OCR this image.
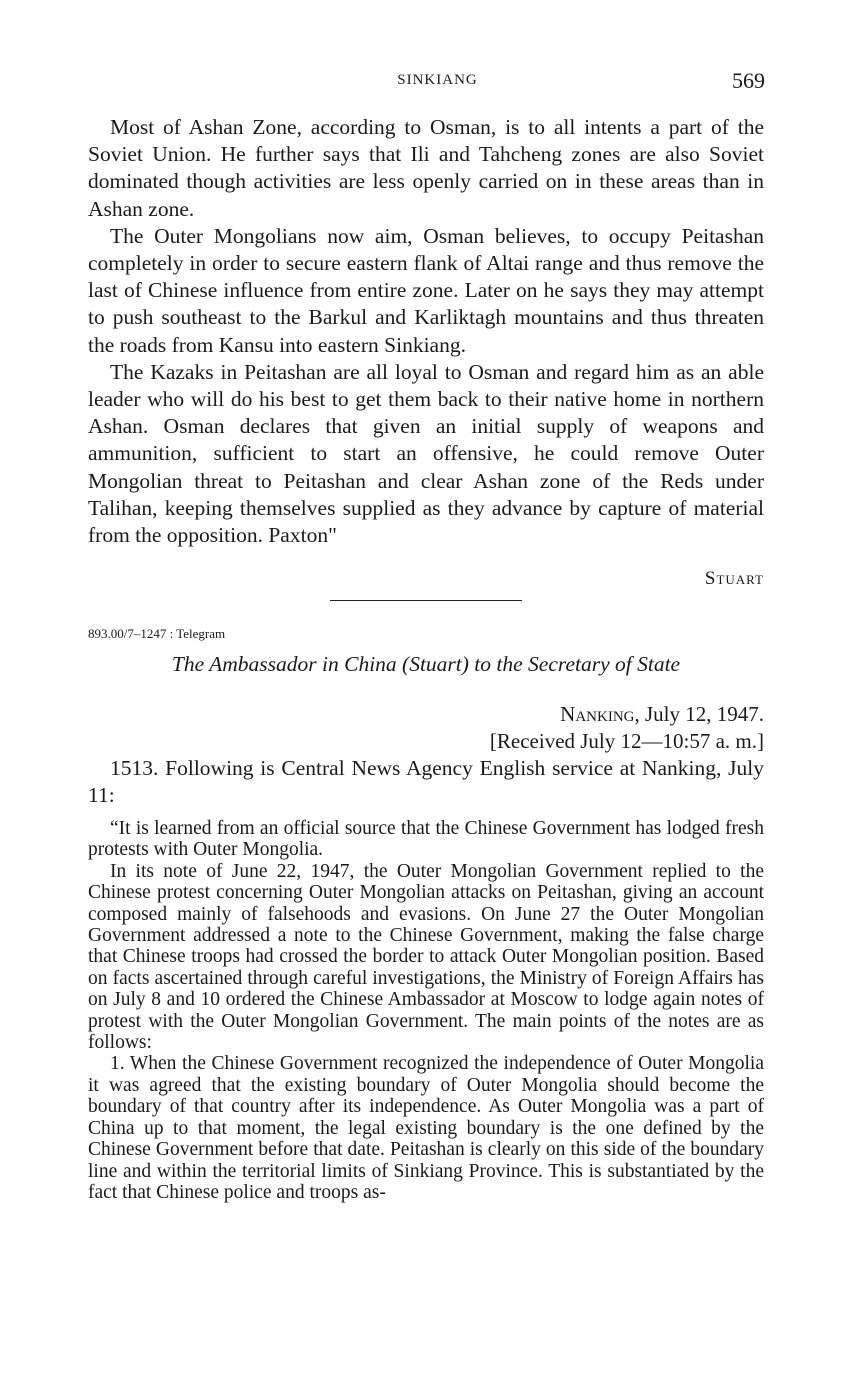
SINKIANG	569

Most of Ashan Zone, according to Osman, is to all intents a part of the Soviet Union. He further says that Ili and Tahcheng zones are also Soviet dominated though activities are less openly carried on in these areas than in Ashan zone.

The Outer Mongolians now aim, Osman believes, to occupy Peitashan completely in order to secure eastern flank of Altai range and thus remove the last of Chinese influence from entire zone. Later on he says they may attempt to push southeast to the Barkul and Karliktagh mountains and thus threaten the roads from Kansu into eastern Sinkiang.

The Kazaks in Peitashan are all loyal to Osman and regard him as an able leader who will do his best to get them back to their native home in northern Ashan. Osman declares that given an initial supply of weapons and ammunition, sufficient to start an offensive, he could remove Outer Mongolian threat to Peitashan and clear Ashan zone of the Reds under Talihan, keeping themselves supplied as they advance by capture of material from the opposition. Paxton"

Stuart
893.00/7–1247 : Telegram
The Ambassador in China (Stuart) to the Secretary of State
Nanking, July 12, 1947.
[Received July 12—10:57 a. m.]

1513. Following is Central News Agency English service at Nanking, July 11:

“It is learned from an official source that the Chinese Government has lodged fresh protests with Outer Mongolia.

In its note of June 22, 1947, the Outer Mongolian Government replied to the Chinese protest concerning Outer Mongolian attacks on Peitashan, giving an account composed mainly of falsehoods and evasions. On June 27 the Outer Mongolian Government addressed a note to the Chinese Government, making the false charge that Chinese troops had crossed the border to attack Outer Mongolian position. Based on facts ascertained through careful investigations, the Ministry of Foreign Affairs has on July 8 and 10 ordered the Chinese Ambassador at Moscow to lodge again notes of protest with the Outer Mongolian Government. The main points of the notes are as follows:

1. When the Chinese Government recognized the independence of Outer Mongolia it was agreed that the existing boundary of Outer Mongolia should become the boundary of that country after its independence. As Outer Mongolia was a part of China up to that moment, the legal existing boundary is the one defined by the Chinese Government before that date. Peitashan is clearly on this side of the boundary line and within the territorial limits of Sinkiang Province. This is substantiated by the fact that Chinese police and troops as-
